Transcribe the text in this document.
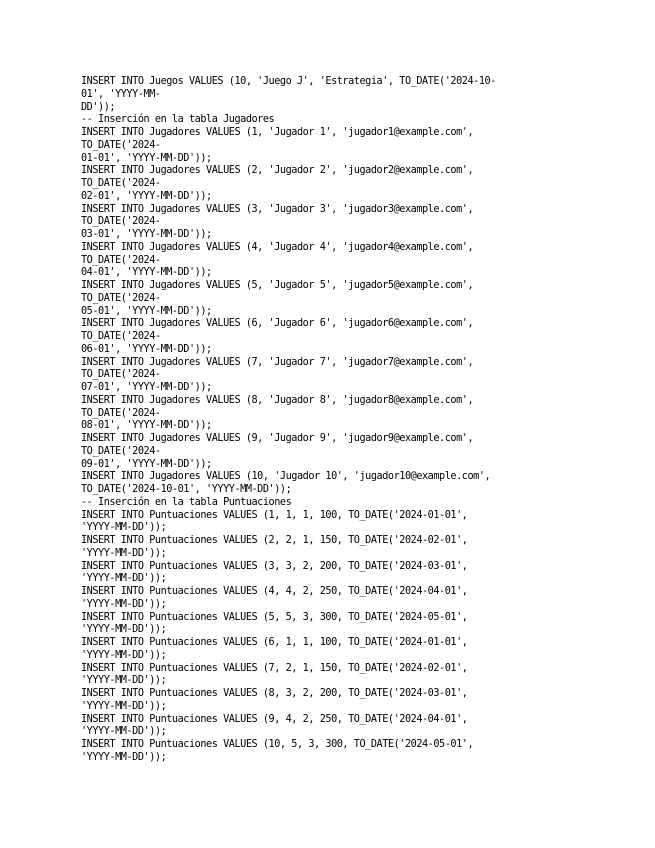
INSERT INTO Juegos VALUES (10, 'Juego J', 'Estrategia', TO_DATE('2024-10-
01', 'YYYY-MM-
DD'));
-- Inserción en la tabla Jugadores
INSERT INTO Jugadores VALUES (1, 'Jugador 1', 'jugador1@example.com',
TO_DATE('2024-
01-01', 'YYYY-MM-DD'));
INSERT INTO Jugadores VALUES (2, 'Jugador 2', 'jugador2@example.com',
TO_DATE('2024-
02-01', 'YYYY-MM-DD'));
INSERT INTO Jugadores VALUES (3, 'Jugador 3', 'jugador3@example.com',
TO_DATE('2024-
03-01', 'YYYY-MM-DD'));
INSERT INTO Jugadores VALUES (4, 'Jugador 4', 'jugador4@example.com',
TO_DATE('2024-
04-01', 'YYYY-MM-DD'));
INSERT INTO Jugadores VALUES (5, 'Jugador 5', 'jugador5@example.com',
TO_DATE('2024-
05-01', 'YYYY-MM-DD'));
INSERT INTO Jugadores VALUES (6, 'Jugador 6', 'jugador6@example.com',
TO_DATE('2024-
06-01', 'YYYY-MM-DD'));
INSERT INTO Jugadores VALUES (7, 'Jugador 7', 'jugador7@example.com',
TO_DATE('2024-
07-01', 'YYYY-MM-DD'));
INSERT INTO Jugadores VALUES (8, 'Jugador 8', 'jugador8@example.com',
TO_DATE('2024-
08-01', 'YYYY-MM-DD'));
INSERT INTO Jugadores VALUES (9, 'Jugador 9', 'jugador9@example.com',
TO_DATE('2024-
09-01', 'YYYY-MM-DD'));
INSERT INTO Jugadores VALUES (10, 'Jugador 10', 'jugador10@example.com',
TO_DATE('2024-10-01', 'YYYY-MM-DD'));
-- Inserción en la tabla Puntuaciones
INSERT INTO Puntuaciones VALUES (1, 1, 1, 100, TO_DATE('2024-01-01',
'YYYY-MM-DD'));
INSERT INTO Puntuaciones VALUES (2, 2, 1, 150, TO_DATE('2024-02-01',
'YYYY-MM-DD'));
INSERT INTO Puntuaciones VALUES (3, 3, 2, 200, TO_DATE('2024-03-01',
'YYYY-MM-DD'));
INSERT INTO Puntuaciones VALUES (4, 4, 2, 250, TO_DATE('2024-04-01',
'YYYY-MM-DD'));
INSERT INTO Puntuaciones VALUES (5, 5, 3, 300, TO_DATE('2024-05-01',
'YYYY-MM-DD'));
INSERT INTO Puntuaciones VALUES (6, 1, 1, 100, TO_DATE('2024-01-01',
'YYYY-MM-DD'));
INSERT INTO Puntuaciones VALUES (7, 2, 1, 150, TO_DATE('2024-02-01',
'YYYY-MM-DD'));
INSERT INTO Puntuaciones VALUES (8, 3, 2, 200, TO_DATE('2024-03-01',
'YYYY-MM-DD'));
INSERT INTO Puntuaciones VALUES (9, 4, 2, 250, TO_DATE('2024-04-01',
'YYYY-MM-DD'));
INSERT INTO Puntuaciones VALUES (10, 5, 3, 300, TO_DATE('2024-05-01',
'YYYY-MM-DD'));
